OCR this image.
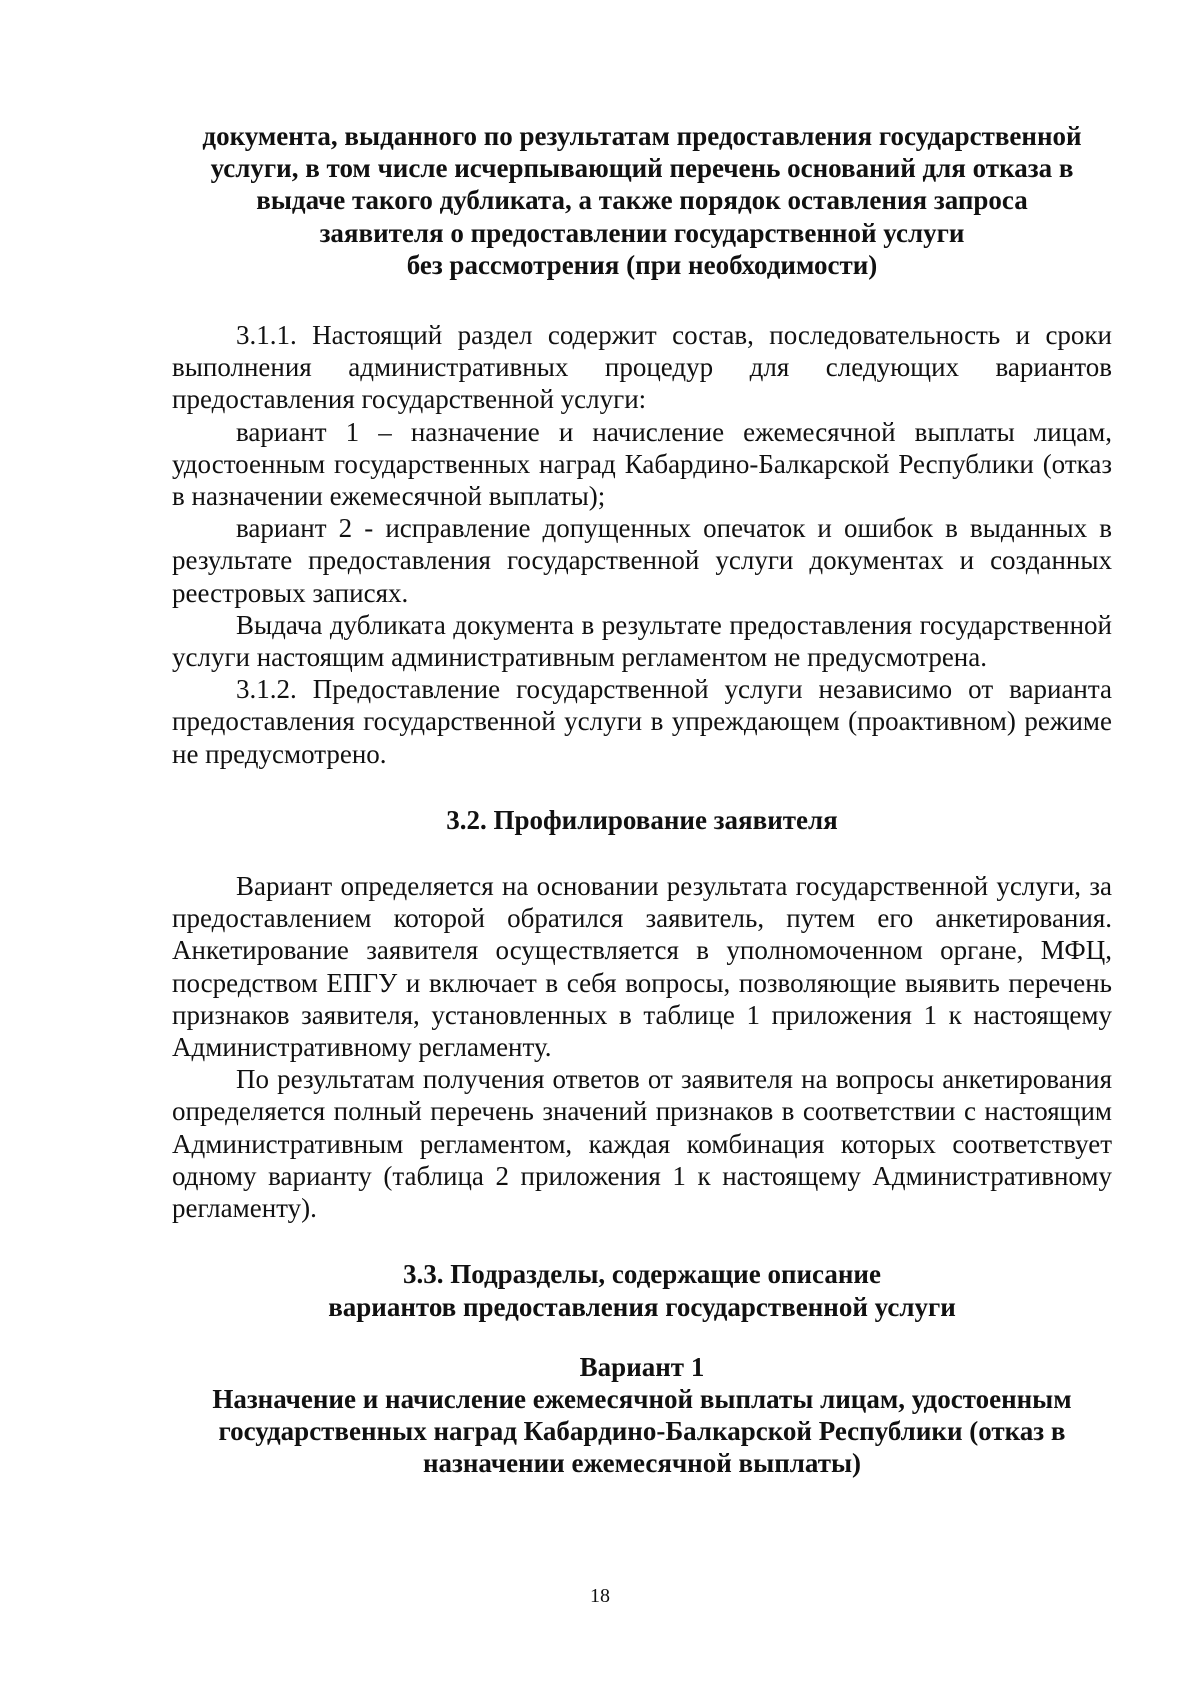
документа, выданного по результатам предоставления государственной
услуги, в том числе исчерпывающий перечень оснований для отказа в
выдаче такого дубликата, а также порядок оставления запроса
заявителя о предоставлении государственной услуги
без рассмотрения (при необходимости)

3.1.1. Настоящий раздел содержит состав, последовательность и сроки выполнения административных процедур для следующих вариантов предоставления государственной услуги:

вариант 1 – назначение и начисление ежемесячной выплаты лицам, удостоенным государственных наград Кабардино-Балкарской Республики (отказ в назначении ежемесячной выплаты);

вариант 2 - исправление допущенных опечаток и ошибок в выданных в результате предоставления государственной услуги документах и созданных реестровых записях.

Выдача дубликата документа в результате предоставления государственной услуги настоящим административным регламентом не предусмотрена.

3.1.2. Предоставление государственной услуги независимо от варианта предоставления государственной услуги в упреждающем (проактивном) режиме не предусмотрено.

3.2. Профилирование заявителя

Вариант определяется на основании результата государственной услуги, за предоставлением которой обратился заявитель, путем его анкетирования. Анкетирование заявителя осуществляется в уполномоченном органе, МФЦ, посредством ЕПГУ и включает в себя вопросы, позволяющие выявить перечень признаков заявителя, установленных в таблице 1 приложения 1 к настоящему Административному регламенту.

По результатам получения ответов от заявителя на вопросы анкетирования определяется полный перечень значений признаков в соответствии с настоящим Административным регламентом, каждая комбинация которых соответствует одному варианту (таблица 2 приложения 1 к настоящему Административному регламенту).

3.3. Подразделы, содержащие описание
вариантов предоставления государственной услуги

Вариант 1

Назначение и начисление ежемесячной выплаты лицам, удостоенным
государственных наград Кабардино-Балкарской Республики (отказ в
назначении ежемесячной выплаты)
18
